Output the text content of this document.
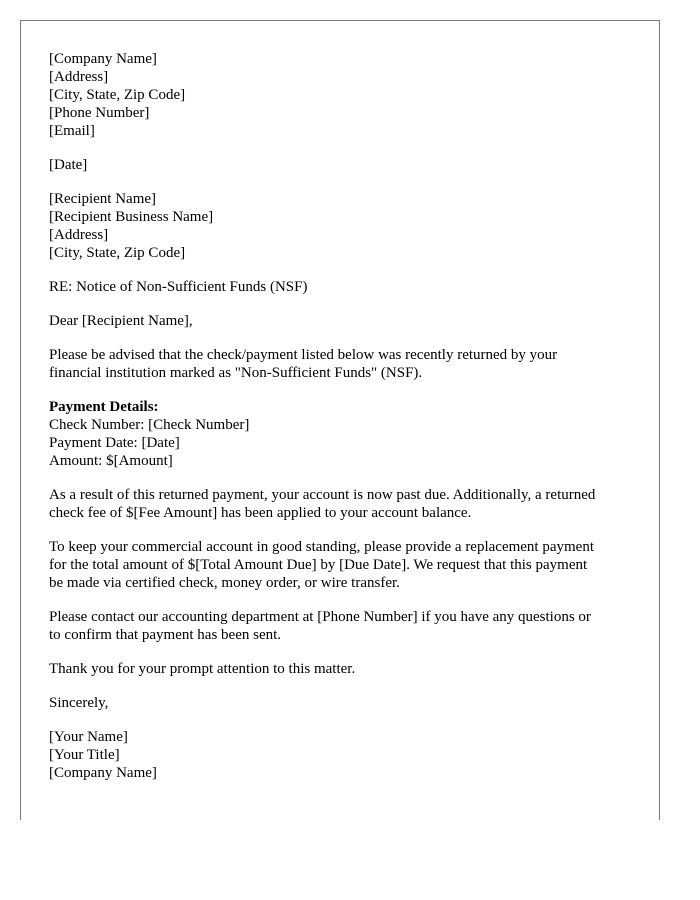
[Company Name]
[Address]
[City, State, Zip Code]
[Phone Number]
[Email]
[Date]
[Recipient Name]
[Recipient Business Name]
[Address]
[City, State, Zip Code]
RE: Notice of Non-Sufficient Funds (NSF)
Dear [Recipient Name],
Please be advised that the check/payment listed below was recently returned by your
financial institution marked as "Non-Sufficient Funds" (NSF).
Payment Details:
Check Number: [Check Number]
Payment Date: [Date]
Amount: $[Amount]
As a result of this returned payment, your account is now past due. Additionally, a returned
check fee of $[Fee Amount] has been applied to your account balance.
To keep your commercial account in good standing, please provide a replacement payment
for the total amount of $[Total Amount Due] by [Due Date]. We request that this payment
be made via certified check, money order, or wire transfer.
Please contact our accounting department at [Phone Number] if you have any questions or
to confirm that payment has been sent.
Thank you for your prompt attention to this matter.
Sincerely,
[Your Name]
[Your Title]
[Company Name]
